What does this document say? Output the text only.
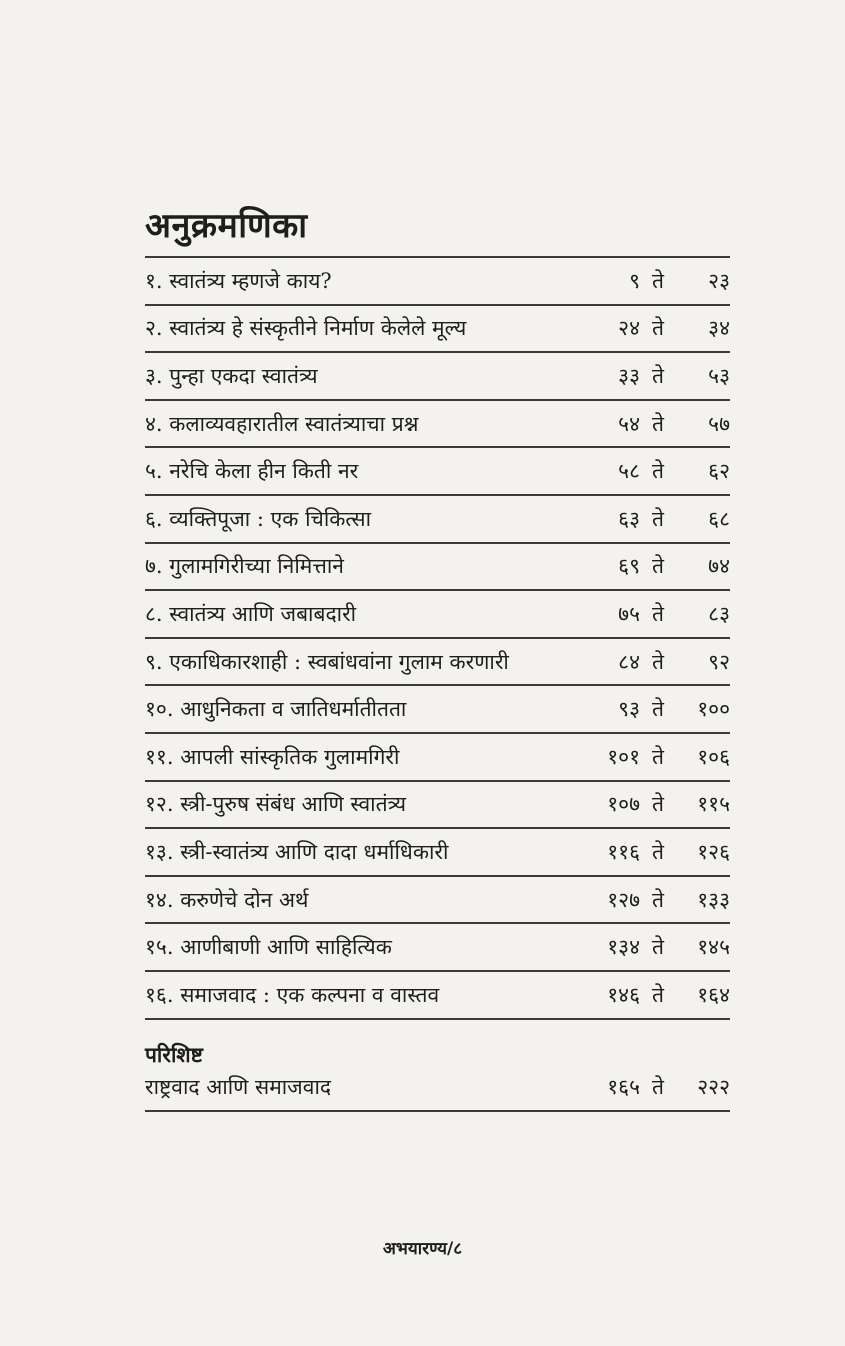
अनुक्रमणिका
१. स्वातंत्र्य म्हणजे काय?	९ ते	२३
२. स्वातंत्र्य हे संस्कृतीने निर्माण केलेले मूल्य	२४ ते	३४
३. पुन्हा एकदा स्वातंत्र्य	३३ ते	५३
४. कलाव्यवहारातील स्वातंत्र्याचा प्रश्न	५४ ते	५७
५. नरेचि केला हीन किती नर	५८ ते	६२
६. व्यक्तिपूजा : एक चिकित्सा	६३ ते	६८
७. गुलामगिरीच्या निमित्ताने	६९ ते	७४
८. स्वातंत्र्य आणि जबाबदारी	७५ ते	८३
९. एकाधिकारशाही : स्वबांधवांना गुलाम करणारी	८४ ते	९२
१०. आधुनिकता व जातिधर्मातीतता	९३ ते	१००
११. आपली सांस्कृतिक गुलामगिरी	१०१ ते	१०६
१२. स्त्री-पुरुष संबंध आणि स्वातंत्र्य	१०७ ते	११५
१३. स्त्री-स्वातंत्र्य आणि दादा धर्माधिकारी	११६ ते	१२६
१४. करुणेचे दोन अर्थ	१२७ ते	१३३
१५. आणीबाणी आणि साहित्यिक	१३४ ते	१४५
१६. समाजवाद : एक कल्पना व वास्तव	१४६ ते	१६४
परिशिष्ट
राष्ट्रवाद आणि समाजवाद	१६५ ते	२२२
अभयारण्य/८
